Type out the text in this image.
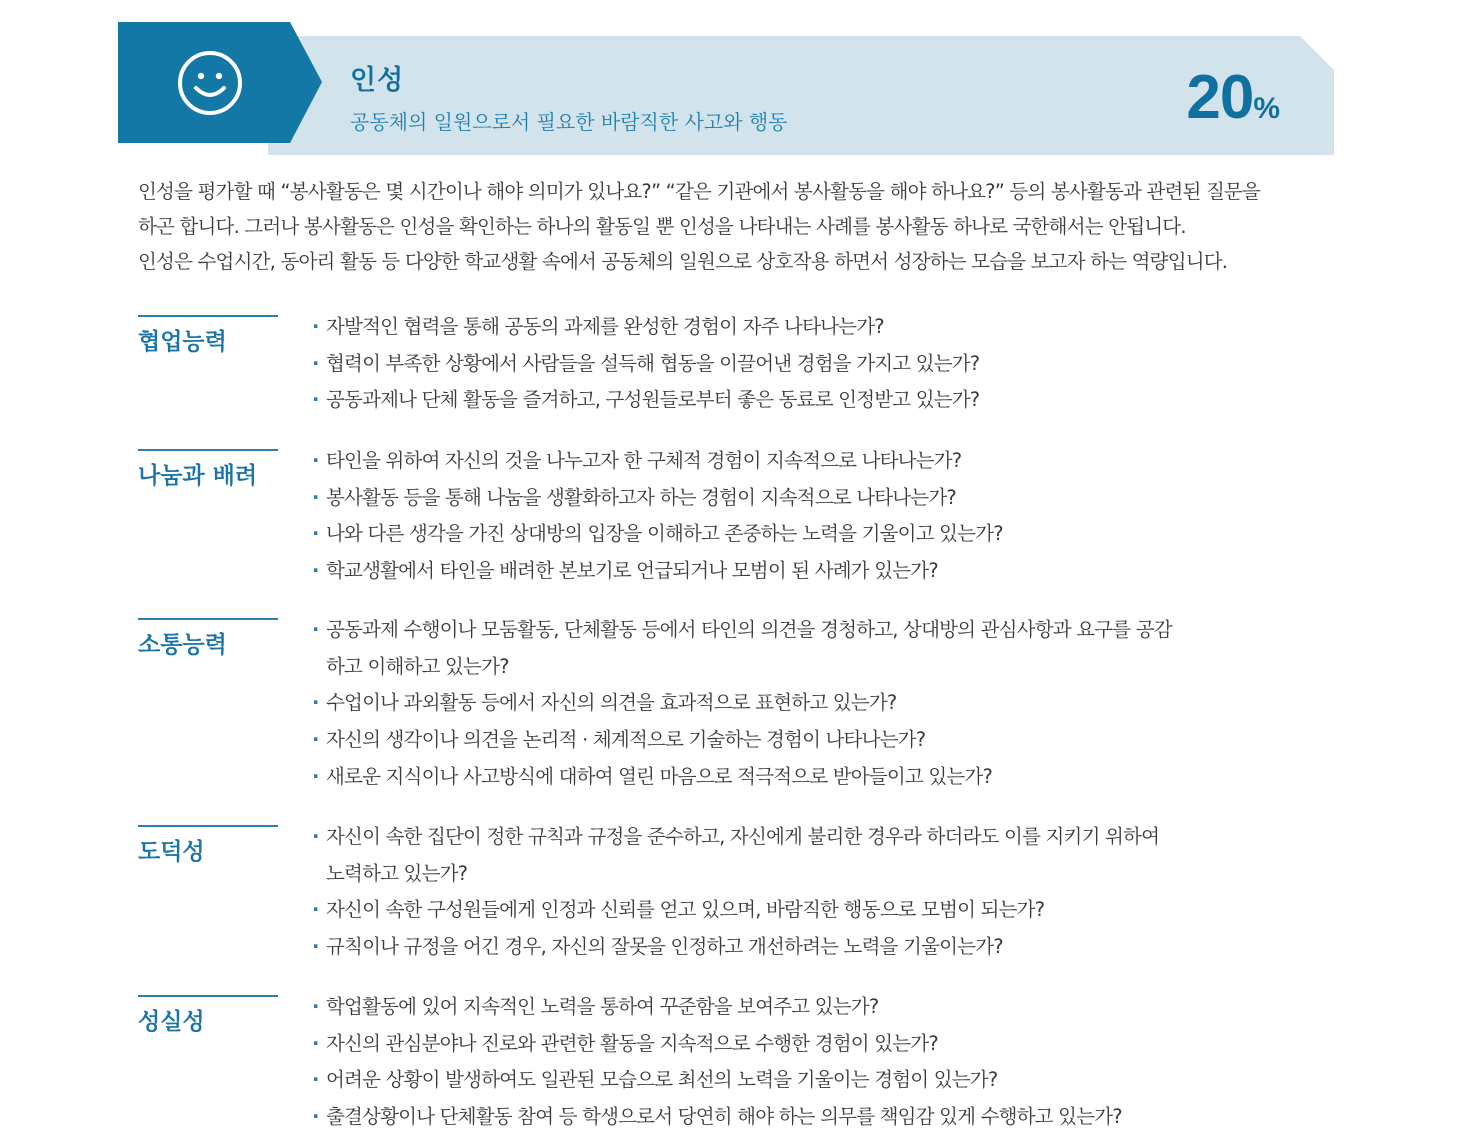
인성
공동체의 일원으로서 필요한 바람직한 사고와 행동	20%

인성을 평가할 때 “봉사활동은 몇 시간이나 해야 의미가 있나요?” “같은 기관에서 봉사활동을 해야 하나요?” 등의 봉사활동과 관련된 질문을

하곤 합니다. 그러나 봉사활동은 인성을 확인하는 하나의 활동일 뿐 인성을 나타내는 사례를 봉사활동 하나로 국한해서는 안됩니다.

인성은 수업시간, 동아리 활동 등 다양한 학교생활 속에서 공동체의 일원으로 상호작용 하면서 성장하는 모습을 보고자 하는 역량입니다.

협업능력
· 자발적인 협력을 통해 공동의 과제를 완성한 경험이 자주 나타나는가?
· 협력이 부족한 상황에서 사람들을 설득해 협동을 이끌어낸 경험을 가지고 있는가?
· 공동과제나 단체 활동을 즐겨하고, 구성원들로부터 좋은 동료로 인정받고 있는가?
나눔과 배려
· 타인을 위하여 자신의 것을 나누고자 한 구체적 경험이 지속적으로 나타나는가?
· 봉사활동 등을 통해 나눔을 생활화하고자 하는 경험이 지속적으로 나타나는가?
· 나와 다른 생각을 가진 상대방의 입장을 이해하고 존중하는 노력을 기울이고 있는가?
· 학교생활에서 타인을 배려한 본보기로 언급되거나 모범이 된 사례가 있는가?
소통능력
· 공동과제 수행이나 모둠활동, 단체활동 등에서 타인의 의견을 경청하고, 상대방의 관심사항과 요구를 공감
하고 이해하고 있는가?
· 수업이나 과외활동 등에서 자신의 의견을 효과적으로 표현하고 있는가?
· 자신의 생각이나 의견을 논리적 · 체계적으로 기술하는 경험이 나타나는가?
· 새로운 지식이나 사고방식에 대하여 열린 마음으로 적극적으로 받아들이고 있는가?
도덕성
· 자신이 속한 집단이 정한 규칙과 규정을 준수하고, 자신에게 불리한 경우라 하더라도 이를 지키기 위하여
노력하고 있는가?
· 자신이 속한 구성원들에게 인정과 신뢰를 얻고 있으며, 바람직한 행동으로 모범이 되는가?
· 규칙이나 규정을 어긴 경우, 자신의 잘못을 인정하고 개선하려는 노력을 기울이는가?
성실성
· 학업활동에 있어 지속적인 노력을 통하여 꾸준함을 보여주고 있는가?
· 자신의 관심분야나 진로와 관련한 활동을 지속적으로 수행한 경험이 있는가?
· 어려운 상황이 발생하여도 일관된 모습으로 최선의 노력을 기울이는 경험이 있는가?
· 출결상황이나 단체활동 참여 등 학생으로서 당연히 해야 하는 의무를 책임감 있게 수행하고 있는가?
